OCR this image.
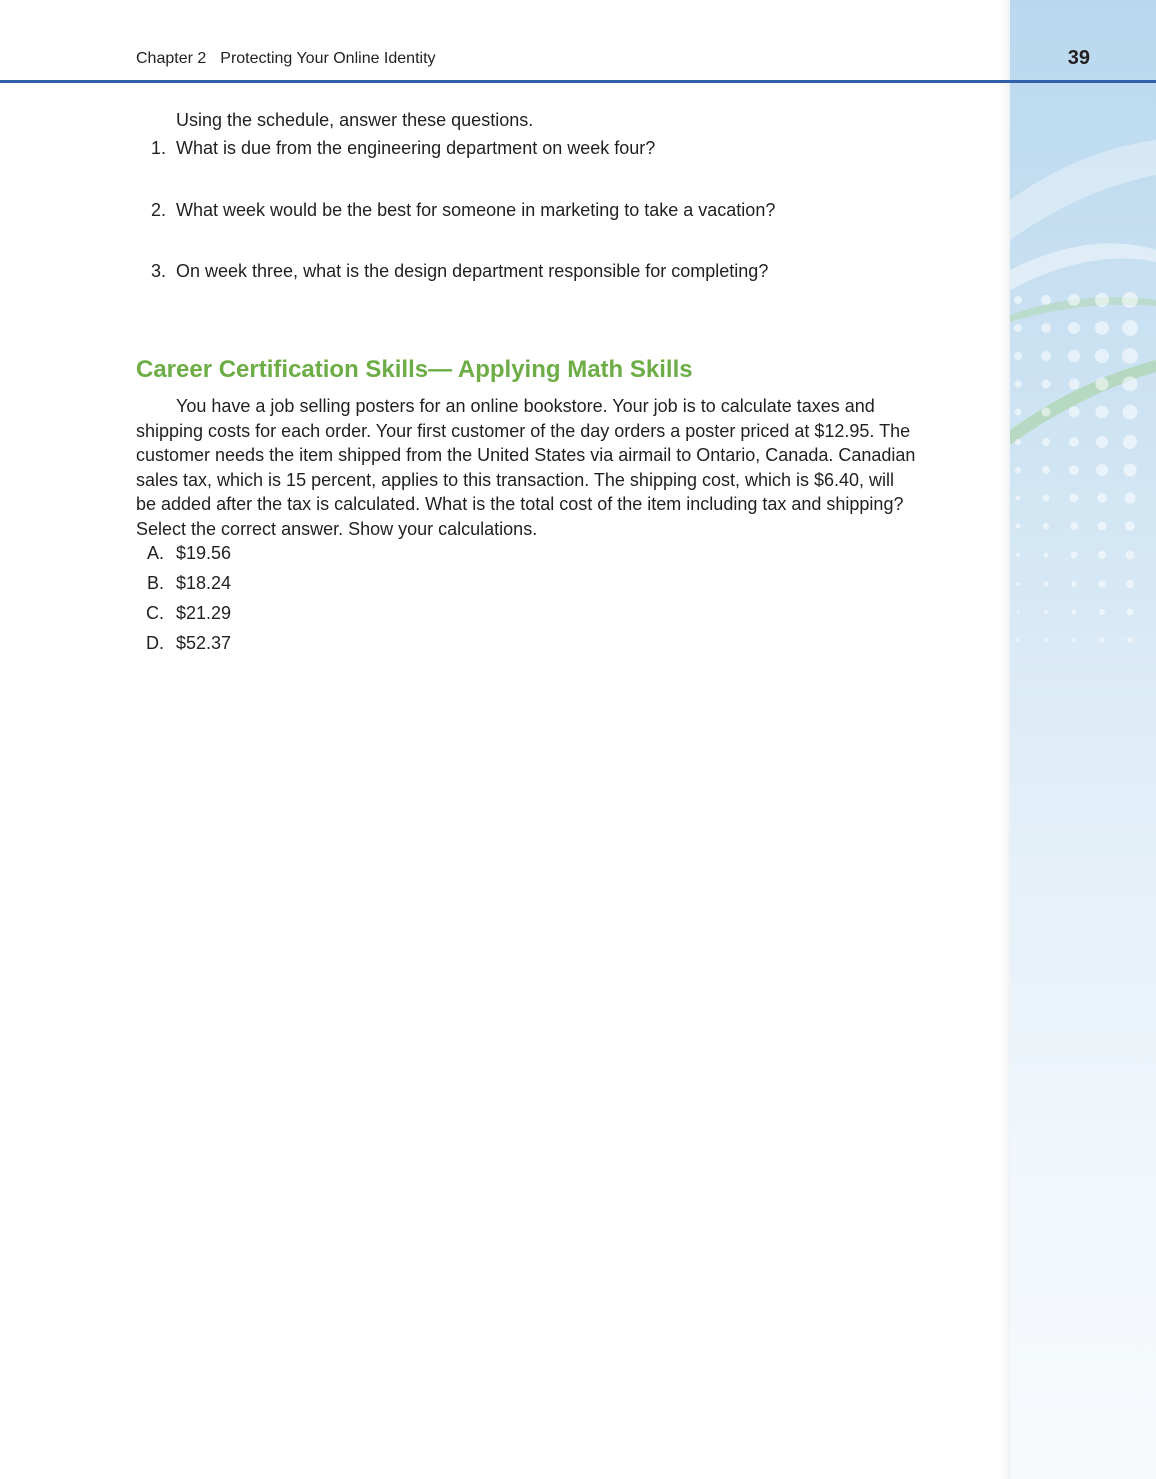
Chapter 2 Protecting Your Online Identity	39
Using the schedule, answer these questions.
1. What is due from the engineering department on week four?
2. What week would be the best for someone in marketing to take a vacation?
3. On week three, what is the design department responsible for completing?
Career Certification Skills— Applying Math Skills

You have a job selling posters for an online bookstore. Your job is to calculate taxes and shipping costs for each order. Your first customer of the day orders a poster priced at $12.95. The customer needs the item shipped from the United States via airmail to Ontario, Canada. Canadian sales tax, which is 15 percent, applies to this transaction. The shipping cost, which is $6.40, will be added after the tax is calculated. What is the total cost of the item including tax and shipping? Select the correct answer. Show your calculations.

A. $19.56
B. $18.24
C. $21.29
D. $52.37
